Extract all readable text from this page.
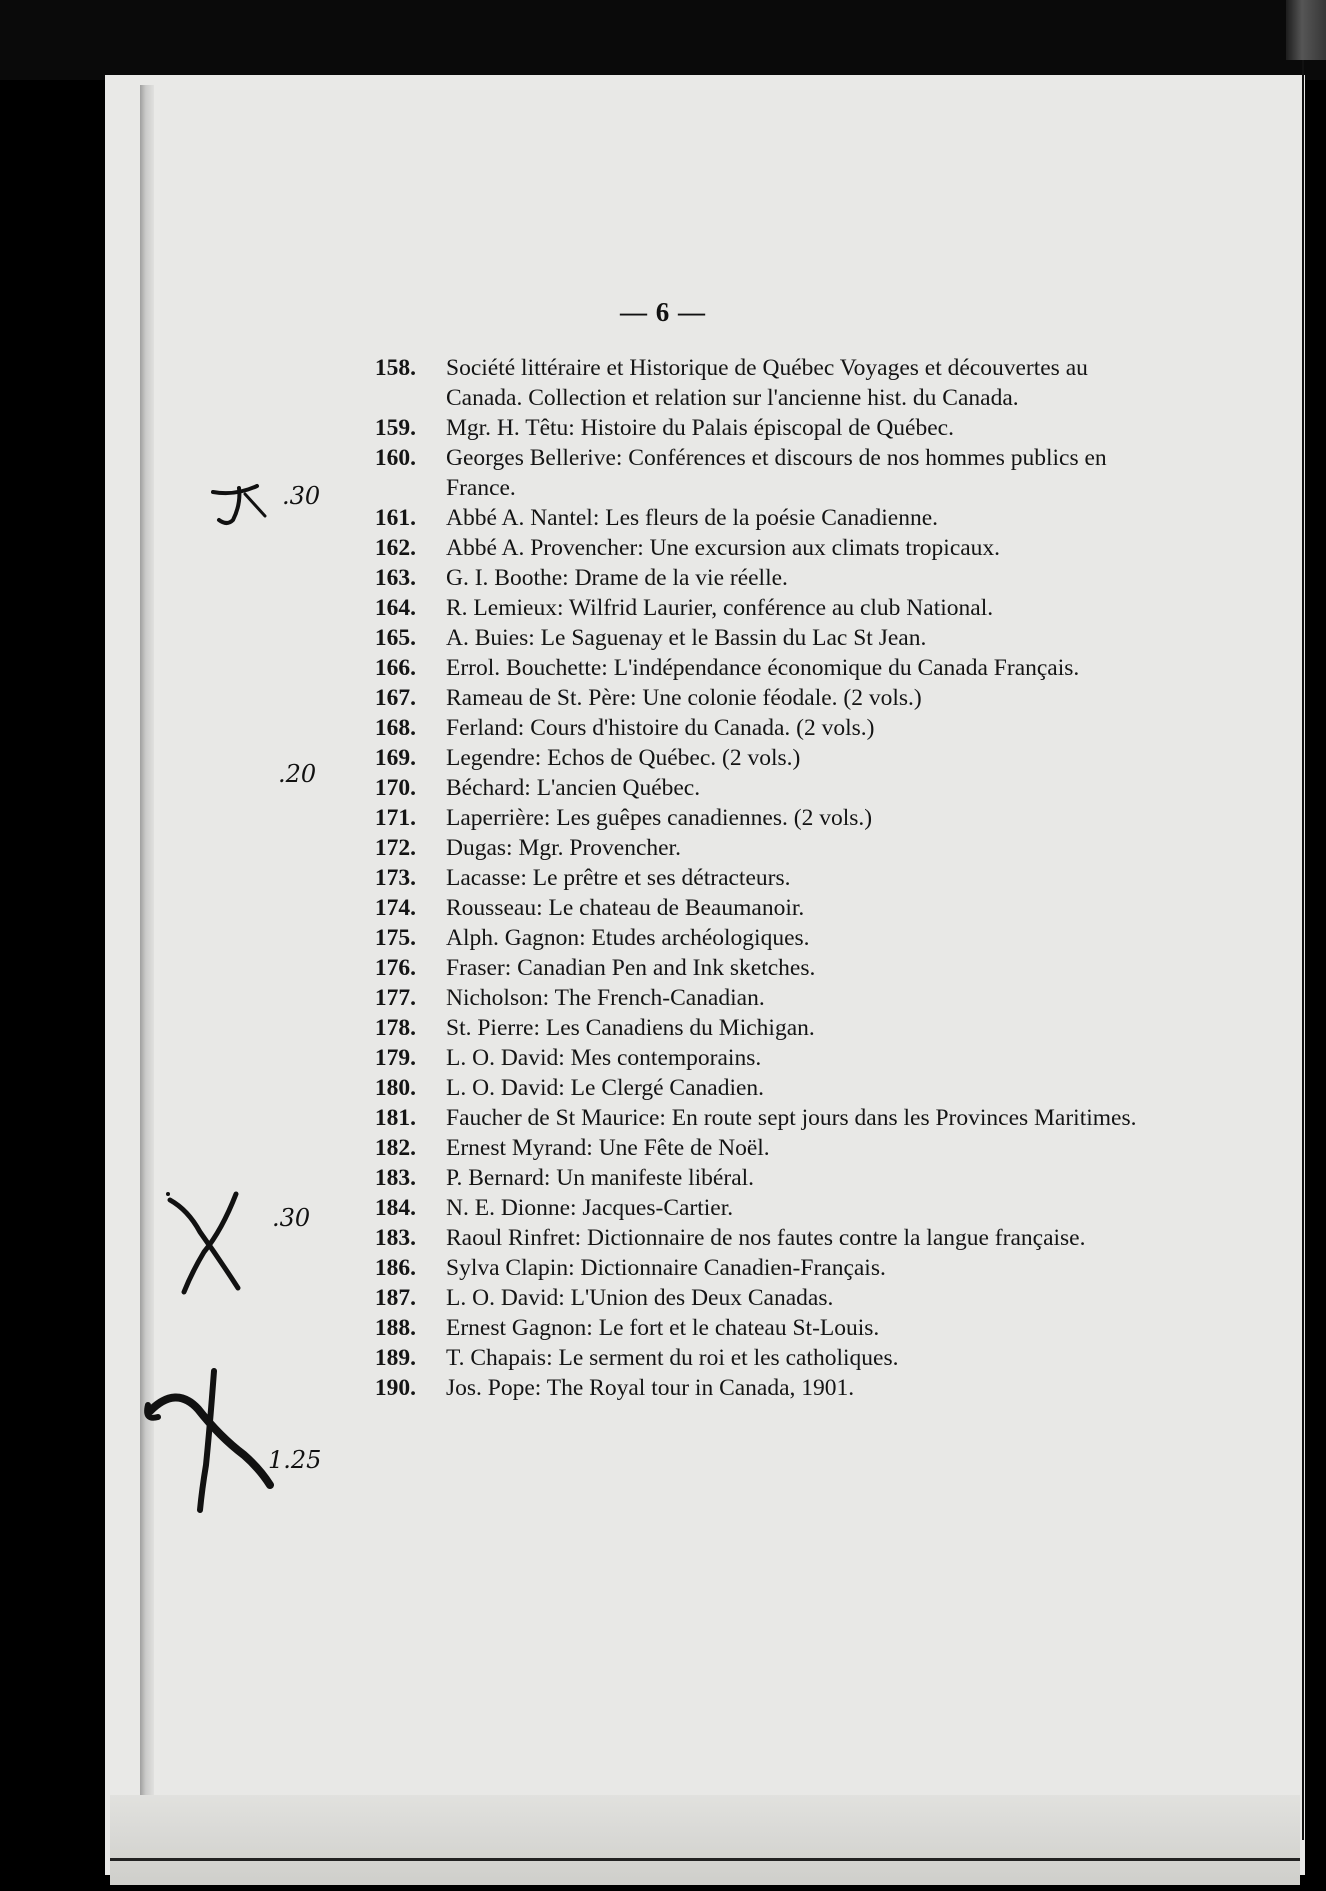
— 6 —
158. Société littéraire et Historique de Québec Voyages et découvertes au Canada. Collection et relation sur l'ancienne hist. du Canada.
159. Mgr. H. Têtu: Histoire du Palais épiscopal de Québec.
160. Georges Bellerive: Conférences et discours de nos hommes publics en France.
161. Abbé A. Nantel: Les fleurs de la poésie Canadienne.
162. Abbé A. Provencher: Une excursion aux climats tropicaux.
163. G. I. Boothe: Drame de la vie réelle.
164. R. Lemieux: Wilfrid Laurier, conférence au club National.
165. A. Buies: Le Saguenay et le Bassin du Lac St Jean.
166. Errol. Bouchette: L'indépendance économique du Canada Français.
167. Rameau de St. Père: Une colonie féodale. (2 vols.)
168. Ferland: Cours d'histoire du Canada. (2 vols.)
169. Legendre: Echos de Québec. (2 vols.)
170. Béchard: L'ancien Québec.
171. Laperrière: Les guêpes canadiennes. (2 vols.)
172. Dugas: Mgr. Provencher.
173. Lacasse: Le prêtre et ses détracteurs.
174. Rousseau: Le chateau de Beaumanoir.
175. Alph. Gagnon: Etudes archéologiques.
176. Fraser: Canadian Pen and Ink sketches.
177. Nicholson: The French-Canadian.
178. St. Pierre: Les Canadiens du Michigan.
179. L. O. David: Mes contemporains.
180. L. O. David: Le Clergé Canadien.
181. Faucher de St Maurice: En route sept jours dans les Provinces Maritimes.
182. Ernest Myrand: Une Fête de Noël.
183. P. Bernard: Un manifeste libéral.
184. N. E. Dionne: Jacques-Cartier.
183. Raoul Rinfret: Dictionnaire de nos fautes contre la langue française.
186. Sylva Clapin: Dictionnaire Canadien-Français.
187. L. O. David: L'Union des Deux Canadas.
188. Ernest Gagnon: Le fort et le chateau St-Louis.
189. T. Chapais: Le serment du roi et les catholiques.
190. Jos. Pope: The Royal tour in Canada, 1901.
.30
.20
.30
1.25
